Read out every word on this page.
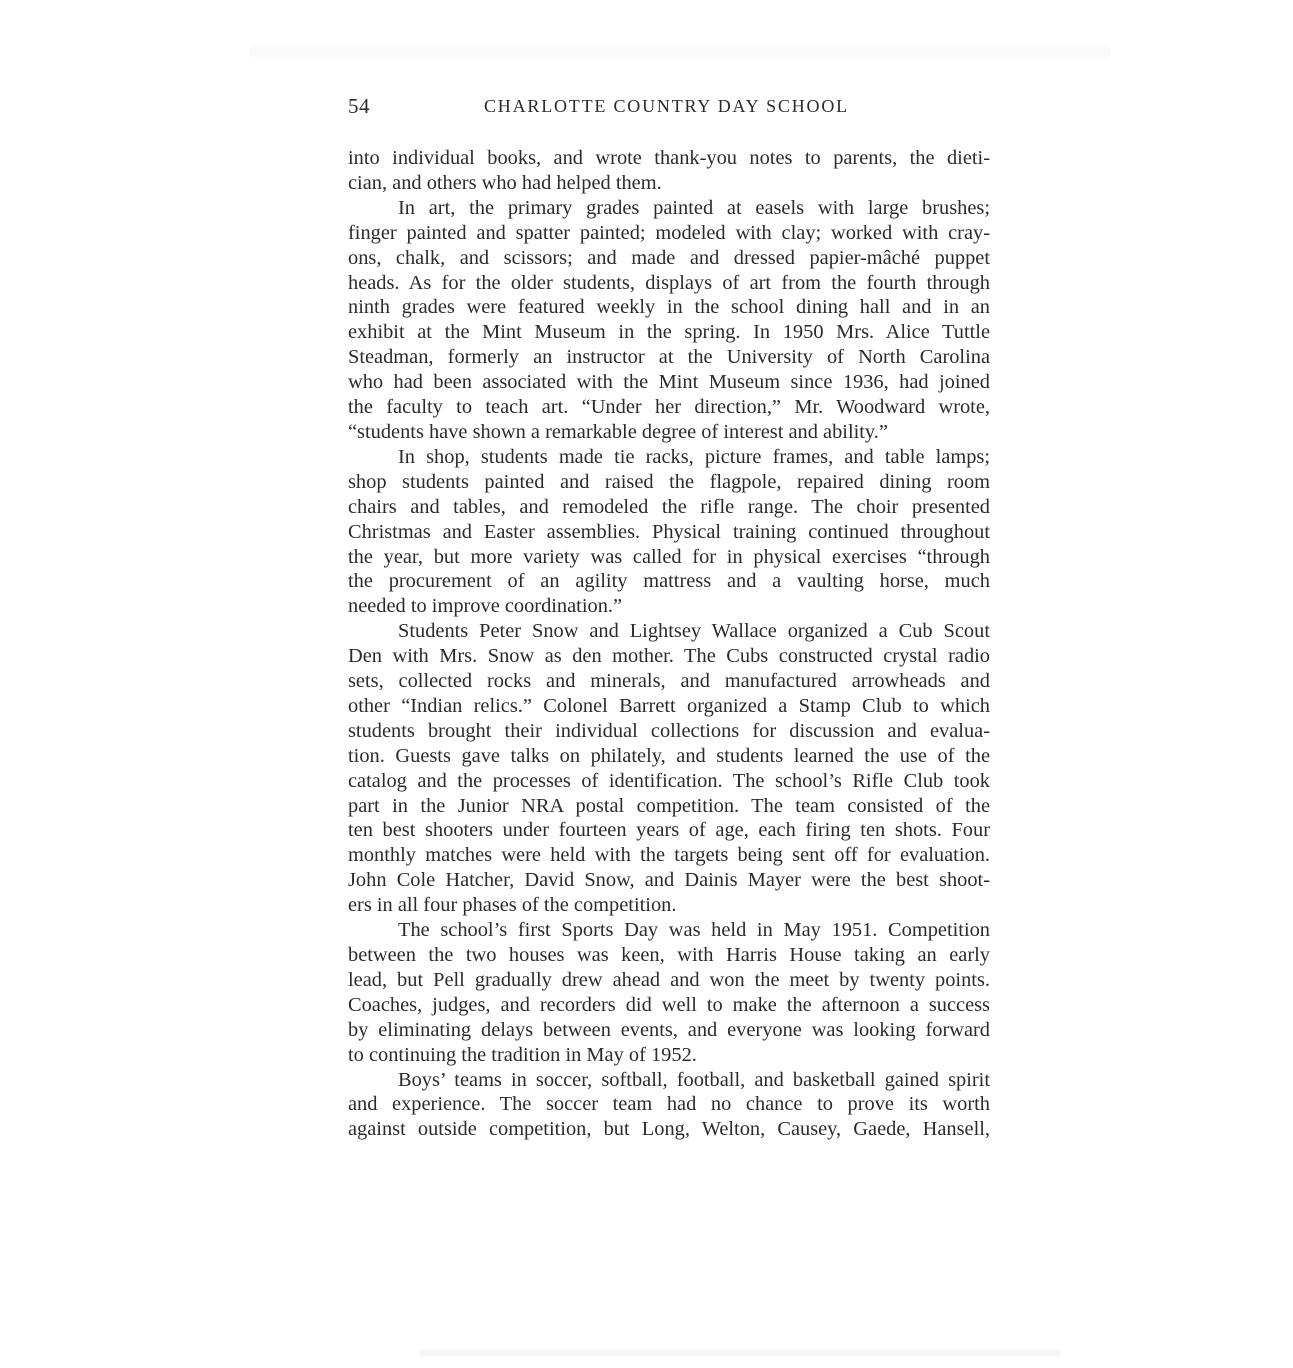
54	CHARLOTTE COUNTRY DAY SCHOOL

into individual books, and wrote thank-you notes to parents, the dieti-
cian, and others who had helped them.

In art, the primary grades painted at easels with large brushes;
finger painted and spatter painted; modeled with clay; worked with cray-
ons, chalk, and scissors; and made and dressed papier-mâché puppet
heads. As for the older students, displays of art from the fourth through
ninth grades were featured weekly in the school dining hall and in an
exhibit at the Mint Museum in the spring. In 1950 Mrs. Alice Tuttle
Steadman, formerly an instructor at the University of North Carolina
who had been associated with the Mint Museum since 1936, had joined
the faculty to teach art. “Under her direction,” Mr. Woodward wrote,
“students have shown a remarkable degree of interest and ability.”

In shop, students made tie racks, picture frames, and table lamps;
shop students painted and raised the flagpole, repaired dining room
chairs and tables, and remodeled the rifle range. The choir presented
Christmas and Easter assemblies. Physical training continued throughout
the year, but more variety was called for in physical exercises “through
the procurement of an agility mattress and a vaulting horse, much
needed to improve coordination.”

Students Peter Snow and Lightsey Wallace organized a Cub Scout
Den with Mrs. Snow as den mother. The Cubs constructed crystal radio
sets, collected rocks and minerals, and manufactured arrowheads and
other “Indian relics.” Colonel Barrett organized a Stamp Club to which
students brought their individual collections for discussion and evalua-
tion. Guests gave talks on philately, and students learned the use of the
catalog and the processes of identification. The school’s Rifle Club took
part in the Junior NRA postal competition. The team consisted of the
ten best shooters under fourteen years of age, each firing ten shots. Four
monthly matches were held with the targets being sent off for evaluation.
John Cole Hatcher, David Snow, and Dainis Mayer were the best shoot-
ers in all four phases of the competition.

The school’s first Sports Day was held in May 1951. Competition
between the two houses was keen, with Harris House taking an early
lead, but Pell gradually drew ahead and won the meet by twenty points.
Coaches, judges, and recorders did well to make the afternoon a success
by eliminating delays between events, and everyone was looking forward
to continuing the tradition in May of 1952.

Boys’ teams in soccer, softball, football, and basketball gained spirit
and experience. The soccer team had no chance to prove its worth
against outside competition, but Long, Welton, Causey, Gaede, Hansell,
